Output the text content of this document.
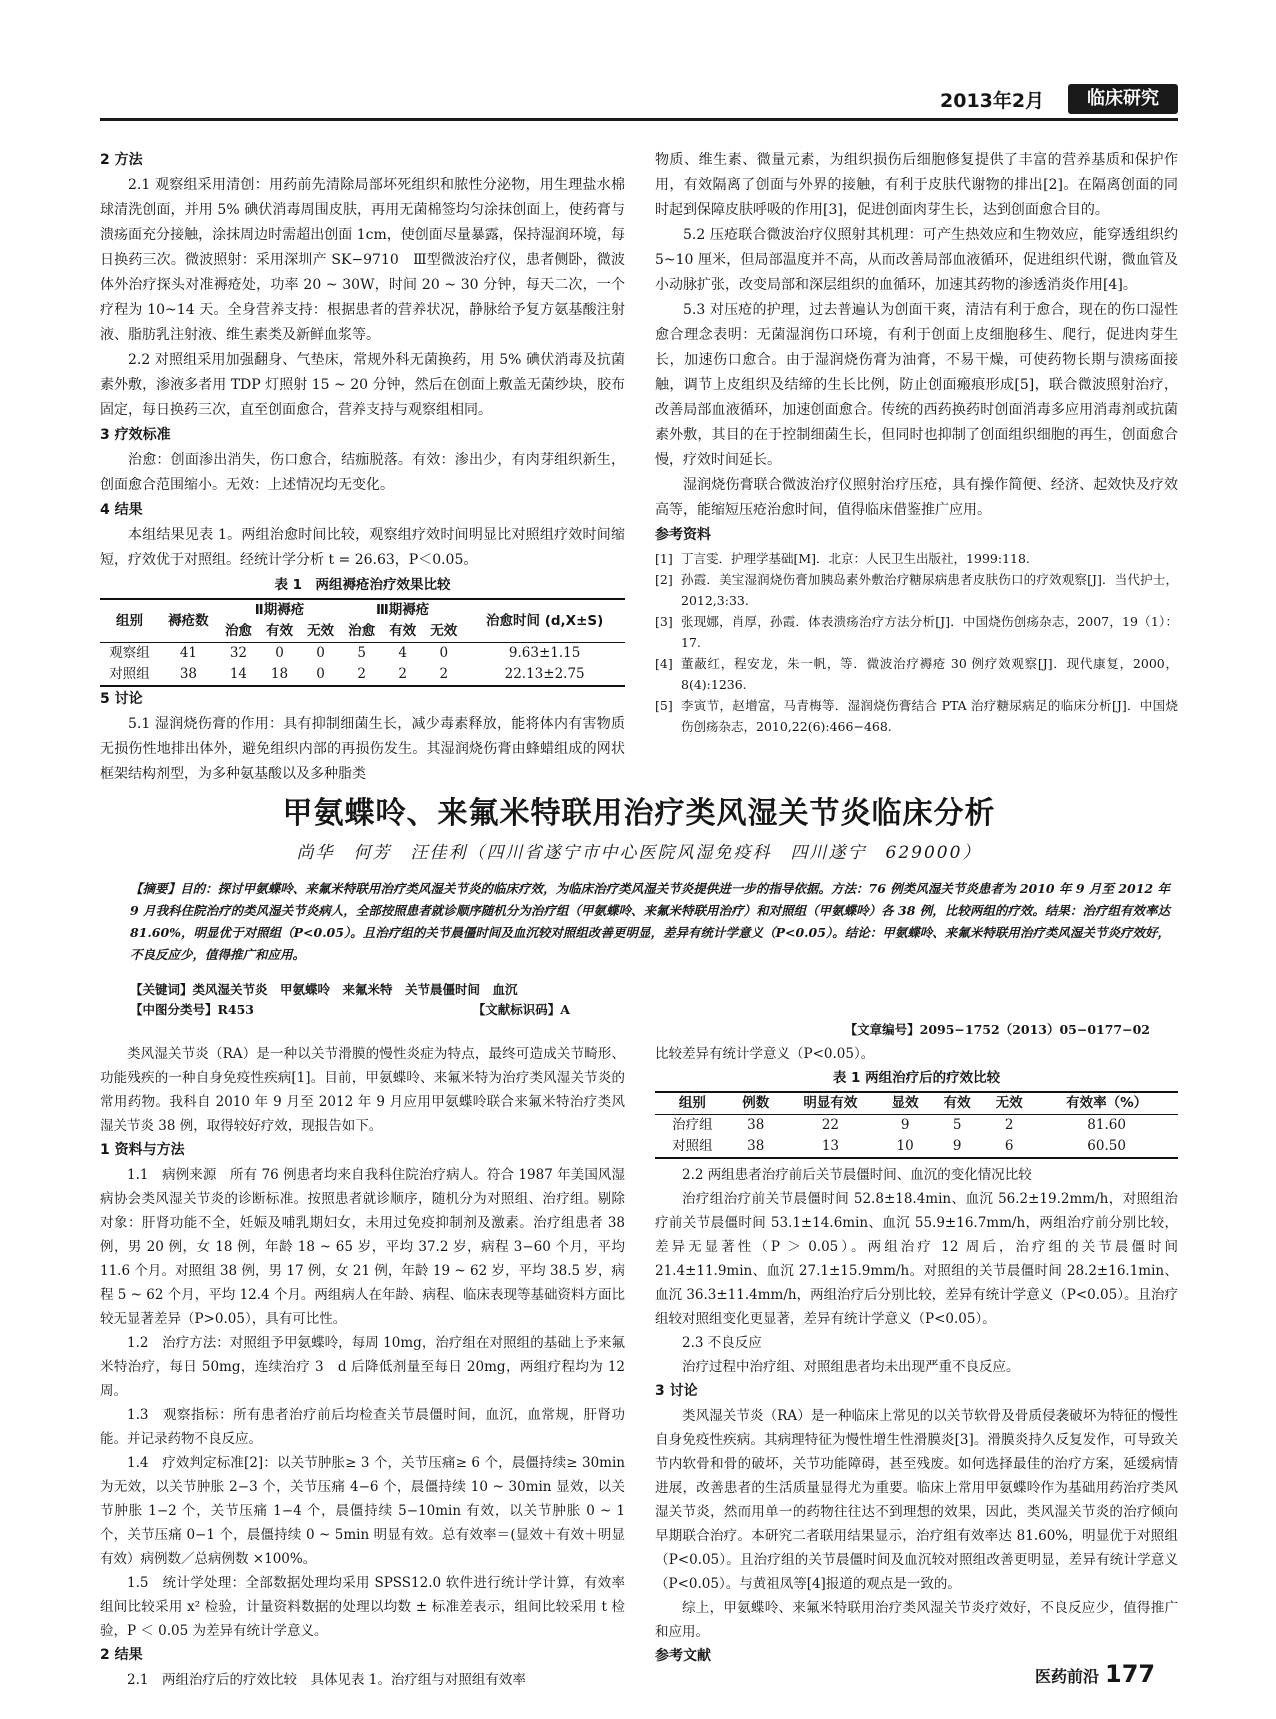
2013年2月	临床研究
2 方法

2.1 观察组采用清创：用药前先清除局部坏死组织和脓性分泌物，用生理盐水棉球清洗创面，并用 5% 碘伏消毒周围皮肤，再用无菌棉签均匀涂抹创面上，使药膏与溃疡面充分接触，涂抹周边时需超出创面 1cm，使创面尽量暴露，保持湿润环境，每日换药三次。微波照射：采用深圳产 SK−9710　Ⅲ型微波治疗仪，患者侧卧，微波体外治疗探头对准褥疮处，功率 20 ~ 30W，时间 20 ~ 30 分钟，每天二次，一个疗程为 10~14 天。全身营养支持：根据患者的营养状况，静脉给予复方氨基酸注射液、脂肪乳注射液、维生素类及新鲜血浆等。

2.2 对照组采用加强翻身、气垫床，常规外科无菌换药，用 5% 碘伏消毒及抗菌素外敷，渗液多者用 TDP 灯照射 15 ~ 20 分钟，然后在创面上敷盖无菌纱块，胶布固定，每日换药三次，直至创面愈合，营养支持与观察组相同。

3 疗效标准

治愈：创面渗出消失，伤口愈合，结痂脱落。有效：渗出少，有肉芽组织新生，创面愈合范围缩小。无效：上述情况均无变化。

4 结果

本组结果见表 1。两组治愈时间比较，观察组疗效时间明显比对照组疗效时间缩短，疗效优于对照组。经统计学分析 t = 26.63，P＜0.05。

表 1　两组褥疮治疗效果比较
组别	褥疮数	Ⅱ期褥疮			Ⅲ期褥疮			治愈时间 (d,X±S)
		治愈	有效	无效	治愈	有效	无效	
观察组	41	32	0	0	5	4	0	9.63±1.15
对照组	38	14	18	0	2	2	2	22.13±2.75
5 讨论

5.1 湿润烧伤膏的作用：具有抑制细菌生长，减少毒素释放，能将体内有害物质无损伤性地排出体外，避免组织内部的再损伤发生。其湿润烧伤膏由蜂蜡组成的网状框架结构剂型，为多种氨基酸以及多种脂类

物质、维生素、微量元素，为组织损伤后细胞修复提供了丰富的营养基质和保护作用，有效隔离了创面与外界的接触，有利于皮肤代谢物的排出[2]。在隔离创面的同时起到保障皮肤呼吸的作用[3]，促进创面肉芽生长，达到创面愈合目的。

5.2 压疮联合微波治疗仪照射其机理：可产生热效应和生物效应，能穿透组织约 5~10 厘米，但局部温度并不高，从而改善局部血液循环，促进组织代谢，微血管及小动脉扩张，改变局部和深层组织的血循环，加速其药物的渗透消炎作用[4]。

5.3 对压疮的护理，过去普遍认为创面干爽，清洁有利于愈合，现在的伤口湿性愈合理念表明：无菌湿润伤口环境，有利于创面上皮细胞移生、爬行，促进肉芽生长，加速伤口愈合。由于湿润烧伤膏为油膏，不易干燥，可使药物长期与溃疡面接触，调节上皮组织及结缔的生长比例，防止创面瘢痕形成[5]，联合微波照射治疗，改善局部血液循环，加速创面愈合。传统的西药换药时创面消毒多应用消毒剂或抗菌素外敷，其目的在于控制细菌生长，但同时也抑制了创面组织细胞的再生，创面愈合慢，疗效时间延长。

湿润烧伤膏联合微波治疗仪照射治疗压疮，具有操作简便、经济、起效快及疗效高等，能缩短压疮治愈时间，值得临床借鉴推广应用。

参考资料

[1] 丁言雯．护理学基础[M]．北京：人民卫生出版社，1999:118.

[2] 孙霞．美宝湿润烧伤膏加胰岛素外敷治疗糖尿病患者皮肤伤口的疗效观察[J]．当代护士，2012,3:33.

[3] 张现娜，肖厚，孙霞．体表溃疡治疗方法分析[J]．中国烧伤创疡杂志，2007，19（1）：17.

[4] 董蔽红，程安龙，朱一帆，等．微波治疗褥疮 30 例疗效观察[J]．现代康复，2000，8(4):1236.

[5] 李寅节，赵增富，马青梅等．湿润烧伤膏结合 PTA 治疗糖尿病足的临床分析[J]．中国烧伤创疡杂志，2010,22(6):466−468.

甲氨蝶呤、来氟米特联用治疗类风湿关节炎临床分析
尚华　何芳　汪佳利（四川省遂宁市中心医院风湿免疫科　四川遂宁　629000）
【摘要】目的：探讨甲氨蝶呤、来氟米特联用治疗类风湿关节炎的临床疗效，为临床治疗类风湿关节炎提供进一步的指导依据。方法：76 例类风湿关节炎患者为 2010 年 9 月至 2012 年 9 月我科住院治疗的类风湿关节炎病人，全部按照患者就诊顺序随机分为治疗组（甲氨蝶呤、来氟米特联用治疗）和对照组（甲氨蝶呤）各 38 例，比较两组的疗效。结果：治疗组有效率达 81.60%，明显优于对照组（P<0.05）。且治疗组的关节晨僵时间及血沉较对照组改善更明显，差异有统计学意义（P<0.05）。结论：甲氨蝶呤、来氟米特联用治疗类风湿关节炎疗效好，不良反应少，值得推广和应用。
【关键词】类风湿关节炎　甲氨蝶呤　来氟米特　关节晨僵时间　血沉
【中图分类号】R453	【文献标识码】A
【文章编号】2095−1752（2013）05−0177−02

类风湿关节炎（RA）是一种以关节滑膜的慢性炎症为特点，最终可造成关节畸形、功能残疾的一种自身免疫性疾病[1]。目前，甲氨蝶呤、来氟米特为治疗类风湿关节炎的常用药物。我科自 2010 年 9 月至 2012 年 9 月应用甲氨蝶呤联合来氟米特治疗类风湿关节炎 38 例，取得较好疗效，现报告如下。

1 资料与方法

1.1　病例来源　所有 76 例患者均来自我科住院治疗病人。符合 1987 年美国风湿病协会类风湿关节炎的诊断标准。按照患者就诊顺序，随机分为对照组、治疗组。剔除对象：肝肾功能不全，妊娠及哺乳期妇女，未用过免疫抑制剂及激素。治疗组患者 38 例，男 20 例，女 18 例，年龄 18 ~ 65 岁，平均 37.2 岁，病程 3−60 个月，平均 11.6 个月。对照组 38 例，男 17 例，女 21 例，年龄 19 ~ 62 岁，平均 38.5 岁，病程 5 ~ 62 个月，平均 12.4 个月。两组病人在年龄、病程、临床表现等基础资料方面比较无显著差异（P>0.05），具有可比性。

1.2　治疗方法：对照组予甲氨蝶呤，每周 10mg，治疗组在对照组的基础上予来氟米特治疗，每日 50mg，连续治疗 3　d 后降低剂量至每日 20mg，两组疗程均为 12 周。

1.3　观察指标：所有患者治疗前后均检查关节晨僵时间，血沉，血常规，肝肾功能。并记录药物不良反应。

1.4　疗效判定标准[2]：以关节肿胀≥ 3 个，关节压痛≥ 6 个，晨僵持续≥ 30min 为无效，以关节肿胀 2−3 个，关节压痛 4−6 个，晨僵持续 10 ~ 30min 显效，以关节肿胀 1−2 个，关节压痛 1−4 个，晨僵持续 5−10min 有效，以关节肿胀 0 ~ 1 个，关节压痛 0−1 个，晨僵持续 0 ~ 5min 明显有效。总有效率＝(显效＋有效＋明显有效）病例数／总病例数 ×100%。

1.5　统计学处理：全部数据处理均采用 SPSS12.0 软件进行统计学计算，有效率组间比较采用 x² 检验，计量资料数据的处理以均数 ± 标准差表示，组间比较采用 t 检验，P ＜ 0.05 为差异有统计学意义。

2 结果

2.1　两组治疗后的疗效比较　具体见表 1。治疗组与对照组有效率

比较差异有统计学意义（P<0.05）。

表 1 两组治疗后的疗效比较
组别	例数	明显有效	显效	有效	无效	有效率（%）
治疗组	38	22	9	5	2	81.60
对照组	38	13	10	9	6	60.50

2.2 两组患者治疗前后关节晨僵时间、血沉的变化情况比较

治疗组治疗前关节晨僵时间 52.8±18.4min、血沉 56.2±19.2mm/h，对照组治疗前关节晨僵时间 53.1±14.6min、血沉 55.9±16.7mm/h，两组治疗前分别比较，差异无显著性（P ＞ 0.05）。两组治疗 12 周后，治疗组的关节晨僵时间 21.4±11.9min、血沉 27.1±15.9mm/h。对照组的关节晨僵时间 28.2±16.1min、血沉 36.3±11.4mm/h，两组治疗后分别比较，差异有统计学意义（P<0.05）。且治疗组较对照组变化更显著，差异有统计学意义（P<0.05）。

2.3 不良反应

治疗过程中治疗组、对照组患者均未出现严重不良反应。

3 讨论

类风湿关节炎（RA）是一种临床上常见的以关节软骨及骨质侵袭破坏为特征的慢性自身免疫性疾病。其病理特征为慢性增生性滑膜炎[3]。滑膜炎持久反复发作，可导致关节内软骨和骨的破坏，关节功能障碍，甚至残废。如何选择最佳的治疗方案，延缓病情进展，改善患者的生活质量显得尤为重要。临床上常用甲氨蝶呤作为基础用药治疗类风湿关节炎，然而用单一的药物往往达不到理想的效果，因此，类风湿关节炎的治疗倾向早期联合治疗。本研究二者联用结果显示，治疗组有效率达 81.60%，明显优于对照组（P<0.05）。且治疗组的关节晨僵时间及血沉较对照组改善更明显，差异有统计学意义（P<0.05）。与黄祖凤等[4]报道的观点是一致的。

综上，甲氨蝶呤、来氟米特联用治疗类风湿关节炎疗效好，不良反应少，值得推广和应用。

参考文献
医药前沿 177
